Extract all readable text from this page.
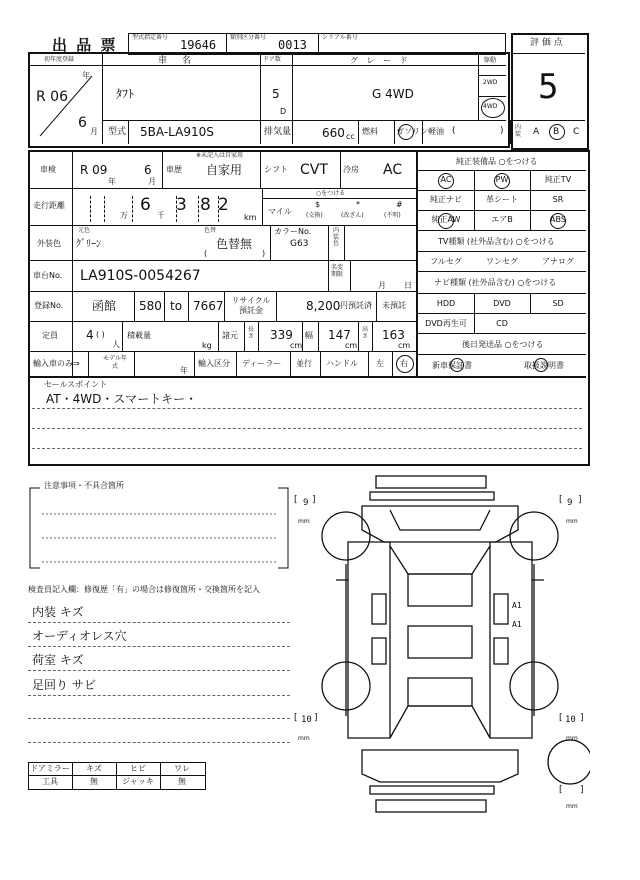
出 品 票 型式指定番号
19646
類別区分番号
0013
シリアル番号
評 価 点
5
初年度登録
R 06
年
6
月
車 名
ﾀﾌﾄ
ドア数
5
D
グ レ ー ド
G 4WD
駆動
2WD
4WD
型式 5BA-LA910S	排気量	660 cc
燃料 ガソリン 軽油 (	) 内装 A B C
車検 R 09
年
6
月
車歴
※未記入は自家用
自家用	シフト CVT 冷房 AC
走行距離
万
6
千
3 8 2
km
○をつける
マイル
$
(交換)
*
(改ざん)
#
(不明)
外装色
元色
ｸﾞﾘｰﾝ
色替
色替無
(	)
カラーNo.
G63
内装色
車台No. LA910S-0054267
名変期限
月 日
登録No. 函館 580 to 7667	リサイクル預託金	8,200 円預託済 未預託
定員 4 ( )
人
積載量
kg
諸元
長さ 339
cm
幅 147
cm
高さ 163
cm
輸入車のみ⇒
モデル年式	年
輸入区分 ディーラー 並行 ハンドル 左 右
純正装備品 ○をつける
AC	PW	純正TV
純正ナビ	革シート	SR
純正AW	エアB	ABS
TV種類 (社外品含む) ○をつける
フルセグ	ワンセグ	アナログ
ナビ種類 (社外品含む) ○をつける
HDD	DVD	SD
DVD再生可	CD
後日発送品 ○をつける
新車保証書	取扱説明書
セールスポイント
AT・4WD・スマートキー・
注意事項・不具合箇所
検査員記入欄：修復歴「有」の場合は修復箇所・交換箇所を記入
内装 キズ
オーディオレス穴
荷室 キズ
足回り サビ
ドアミラー	キズ	ヒビ	ワレ
工具	無	ジャッキ	無
[ 9 ]
mm
[ 9 ]
mm
[ 10 ]
mm
[ 10 ]
mm
[ ]
mm
A1
A1
